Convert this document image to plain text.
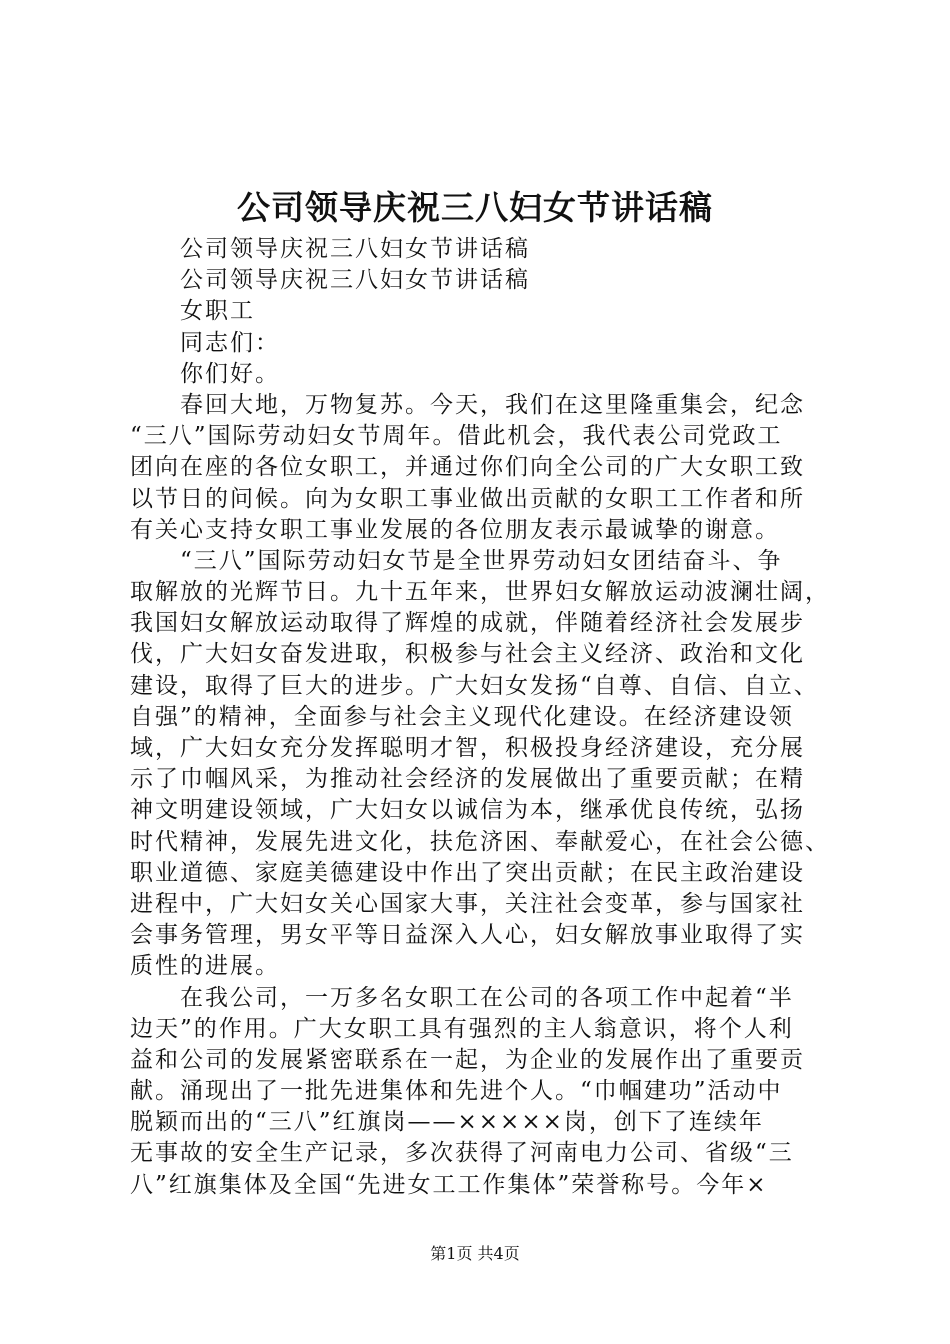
公司领导庆祝三八妇女节讲话稿
公司领导庆祝三八妇女节讲话稿
公司领导庆祝三八妇女节讲话稿
女职工
同志们：
你们好。
春回大地，万物复苏。今天，我们在这里隆重集会，纪念
“三八”国际劳动妇女节周年。借此机会，我代表公司党政工
团向在座的各位女职工，并通过你们向全公司的广大女职工致
以节日的问候。向为女职工事业做出贡献的女职工工作者和所
有关心支持女职工事业发展的各位朋友表示最诚挚的谢意。
“三八”国际劳动妇女节是全世界劳动妇女团结奋斗、争
取解放的光辉节日。九十五年来，世界妇女解放运动波澜壮阔，
我国妇女解放运动取得了辉煌的成就，伴随着经济社会发展步
伐，广大妇女奋发进取，积极参与社会主义经济、政治和文化
建设，取得了巨大的进步。广大妇女发扬“自尊、自信、自立、
自强”的精神，全面参与社会主义现代化建设。在经济建设领
域，广大妇女充分发挥聪明才智，积极投身经济建设，充分展
示了巾帼风采，为推动社会经济的发展做出了重要贡献；在精
神文明建设领域，广大妇女以诚信为本，继承优良传统，弘扬
时代精神，发展先进文化，扶危济困、奉献爱心，在社会公德、
职业道德、家庭美德建设中作出了突出贡献；在民主政治建设
进程中，广大妇女关心国家大事，关注社会变革，参与国家社
会事务管理，男女平等日益深入人心，妇女解放事业取得了实
质性的进展。
在我公司，一万多名女职工在公司的各项工作中起着“半
边天”的作用。广大女职工具有强烈的主人翁意识，将个人利
益和公司的发展紧密联系在一起，为企业的发展作出了重要贡
献。涌现出了一批先进集体和先进个人。“巾帼建功”活动中
脱颖而出的“三八”红旗岗——×××××岗，创下了连续年
无事故的安全生产记录，多次获得了河南电力公司、省级“三
八”红旗集体及全国“先进女工工作集体”荣誉称号。今年×
第1页 共4页
